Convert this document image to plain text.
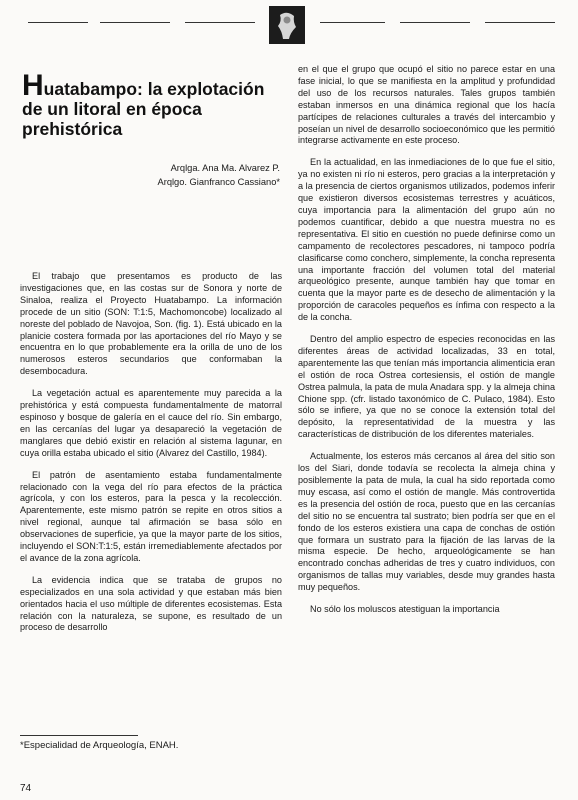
Huatabampo: la explotación
de un litoral en época
prehistórica
Arqlga. Ana Ma. Alvarez P.
Arqlgo. Gianfranco Cassiano*

El trabajo que presentamos es producto de las investigaciones que, en las costas sur de Sonora y norte de Sinaloa, realiza el Proyecto Huatabampo. La información procede de un sitio (SON: T:1:5, Machomoncobe) localizado al noreste del poblado de Navojoa, Son. (fig. 1). Está ubicado en la planicie costera formada por las aportaciones del río Mayo y se encuentra en lo que probablemente era la orilla de uno de los numerosos esteros secundarios que conformaban la desembocadura.

La vegetación actual es aparentemente muy parecida a la prehistórica y está compuesta fundamentalmente de matorral espinoso y bosque de galería en el cauce del río. Sin embargo, en las cercanías del lugar ya desapareció la vegetación de manglares que debió existir en relación al sistema lagunar, en cuya orilla estaba ubicado el sitio (Alvarez del Castillo, 1984).

El patrón de asentamiento estaba fundamentalmente relacionado con la vega del río para efectos de la práctica agrícola, y con los esteros, para la pesca y la recolección. Aparentemente, este mismo patrón se repite en otros sitios a nivel regional, aunque tal afirmación se basa sólo en observaciones de superficie, ya que la mayor parte de los sitios, incluyendo el SON:T:1:5, están irremediablemente afectados por el avance de la zona agrícola.

La evidencia indica que se trataba de grupos no especializados en una sola actividad y que estaban más bien orientados hacia el uso múltiple de diferentes ecosistemas. Esta relación con la naturaleza, se supone, es resultado de un proceso de desarrollo

en el que el grupo que ocupó el sitio no parece estar en una fase inicial, lo que se manifiesta en la amplitud y profundidad del uso de los recursos naturales. Tales grupos también estaban inmersos en una dinámica regional que los hacía partícipes de relaciones culturales a través del intercambio y poseían un nivel de desarrollo socioeconómico que les permitió integrarse activamente en este proceso.

En la actualidad, en las inmediaciones de lo que fue el sitio, ya no existen ni río ni esteros, pero gracias a la interpretación y a la presencia de ciertos organismos utilizados, podemos inferir que existieron diversos ecosistemas terrestres y acuáticos, cuya importancia para la alimentación del grupo aún no podemos cuantificar, debido a que nuestra muestra no es representativa. El sitio en cuestión no puede definirse como un campamento de recolectores pescadores, ni tampoco podría clasificarse como conchero, simplemente, la concha representa una importante fracción del volumen total del material arqueológico presente, aunque también hay que tomar en cuenta que la mayor parte es de desecho de alimentación y la proporción de caracoles pequeños es ínfima con respecto a la de la concha.

Dentro del amplio espectro de especies reconocidas en las diferentes áreas de actividad localizadas, 33 en total, aparentemente las que tenían más importancia alimenticia eran el ostión de roca Ostrea cortesiensis, el ostión de mangle Ostrea palmula, la pata de mula Anadara spp. y la almeja china Chione spp. (cfr. listado taxonómico de C. Pulaco, 1984). Esto sólo se infiere, ya que no se conoce la extensión total del depósito, la representatividad de la muestra y las características de distribución de los diferentes materiales.

Actualmente, los esteros más cercanos al área del sitio son los del Siari, donde todavía se recolecta la almeja china y posiblemente la pata de mula, la cual ha sido reportada como muy escasa, así como el ostión de mangle. Más controvertida es la presencia del ostión de roca, puesto que en las cercanías del sitio no se encuentra tal sustrato; bien podría ser que en el fondo de los esteros existiera una capa de conchas de ostión que formara un sustrato para la fijación de las larvas de la misma especie. De hecho, arqueológicamente se han encontrado conchas adheridas de tres y cuatro individuos, con organismos de tallas muy variables, desde muy grandes hasta muy pequeños.

No sólo los moluscos atestiguan la importancia

*Especialidad de Arqueología, ENAH.
74
